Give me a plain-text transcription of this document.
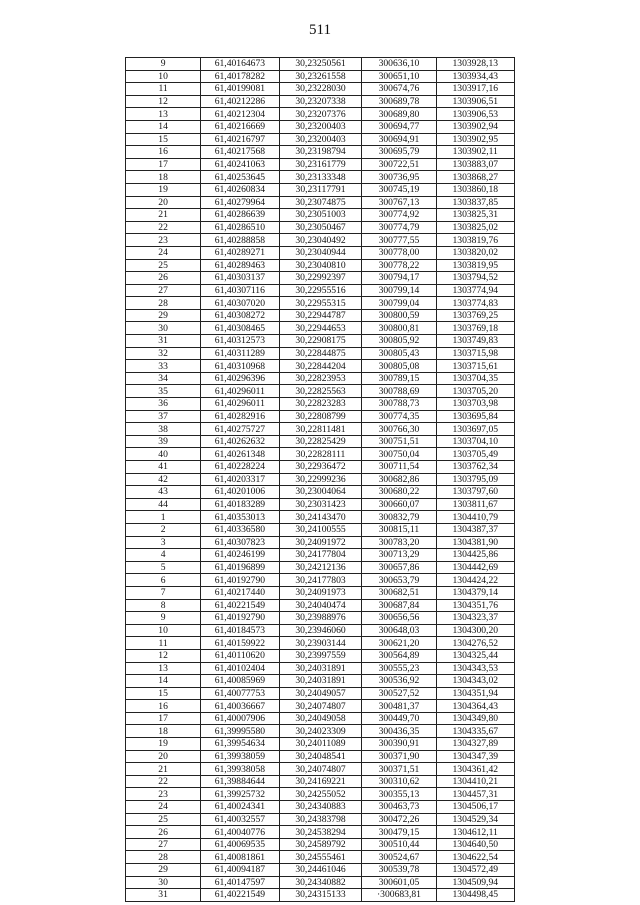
511
9	61,40164673	30,23250561	300636,10	1303928,13
10	61,40178282	30,23261558	300651,10	1303934,43
11	61,40199081	30,23228030	300674,76	1303917,16
12	61,40212286	30,23207338	300689,78	1303906,51
13	61,40212304	30,23207376	300689,80	1303906,53
14	61,40216669	30,23200403	300694,77	1303902,94
15	61,40216797	30,23200403	300694,91	1303902,95
16	61,40217568	30,23198794	300695,79	1303902,11
17	61,40241063	30,23161779	300722,51	1303883,07
18	61,40253645	30,23133348	300736,95	1303868,27
19	61,40260834	30,23117791	300745,19	1303860,18
20	61,40279964	30,23074875	300767,13	1303837,85
21	61,40286639	30,23051003	300774,92	1303825,31
22	61,40286510	30,23050467	300774,79	1303825,02
23	61,40288858	30,23040492	300777,55	1303819,76
24	61,40289271	30,23040944	300778,00	1303820,02
25	61,40289463	30,23040810	300778,22	1303819,95
26	61,40303137	30,22992397	300794,17	1303794,52
27	61,40307116	30,22955516	300799,14	1303774,94
28	61,40307020	30,22955315	300799,04	1303774,83
29	61,40308272	30,22944787	300800,59	1303769,25
30	61,40308465	30,22944653	300800,81	1303769,18
31	61,40312573	30,22908175	300805,92	1303749,83
32	61,40311289	30,22844875	300805,43	1303715,98
33	61,40310968	30,22844204	300805,08	1303715,61
34	61,40296396	30,22823953	300789,15	1303704,35
35	61,40296011	30,22825563	300788,69	1303705,20
36	61,40296011	30,22823283	300788,73	1303703,98
37	61,40282916	30,22808799	300774,35	1303695,84
38	61,40275727	30,22811481	300766,30	1303697,05
39	61,40262632	30,22825429	300751,51	1303704,10
40	61,40261348	30,22828111	300750,04	1303705,49
41	61,40228224	30,22936472	300711,54	1303762,34
42	61,40203317	30,22999236	300682,86	1303795,09
43	61,40201006	30,23004064	300680,22	1303797,60
44	61,40183289	30,23031423	300660,07	1303811,67
1	61,40353013	30,24143470	300832,79	1304410,79
2	61,40336580	30,24100555	300815,11	1304387,37
3	61,40307823	30,24091972	300783,20	1304381,90
4	61,40246199	30,24177804	300713,29	1304425,86
5	61,40196899	30,24212136	300657,86	1304442,69
6	61,40192790	30,24177803	300653,79	1304424,22
7	61,40217440	30,24091973	300682,51	1304379,14
8	61,40221549	30,24040474	300687,84	1304351,76
9	61,40192790	30,23988976	300656,56	1304323,37
10	61,40184573	30,23946060	300648,03	1304300,20
11	61,40159922	30,23903144	300621,20	1304276,52
12	61,40110620	30,23997559	300564,89	1304325,44
13	61,40102404	30,24031891	300555,23	1304343,53
14	61,40085969	30,24031891	300536,92	1304343,02
15	61,40077753	30,24049057	300527,52	1304351,94
16	61,40036667	30,24074807	300481,37	1304364,43
17	61,40007906	30,24049058	300449,70	1304349,80
18	61,39995580	30,24023309	300436,35	1304335,67
19	61,39954634	30,24011089	300390,91	1304327,89
20	61,39938059	30,24048541	300371,90	1304347,39
21	61,39938058	30,24074807	300371,51	1304361,42
22	61,39884644	30,24169221	300310,62	1304410,21
23	61,39925732	30,24255052	300355,13	1304457,31
24	61,40024341	30,24340883	300463,73	1304506,17
25	61,40032557	30,24383798	300472,26	1304529,34
26	61,40040776	30,24538294	300479,15	1304612,11
27	61,40069535	30,24589792	300510,44	1304640,50
28	61,40081861	30,24555461	300524,67	1304622,54
29	61,40094187	30,24461046	300539,78	1304572,49
30	61,40147597	30,24340882	300601,05	1304509,94
31	61,40221549	30,24315133	·300683,81	1304498,45
